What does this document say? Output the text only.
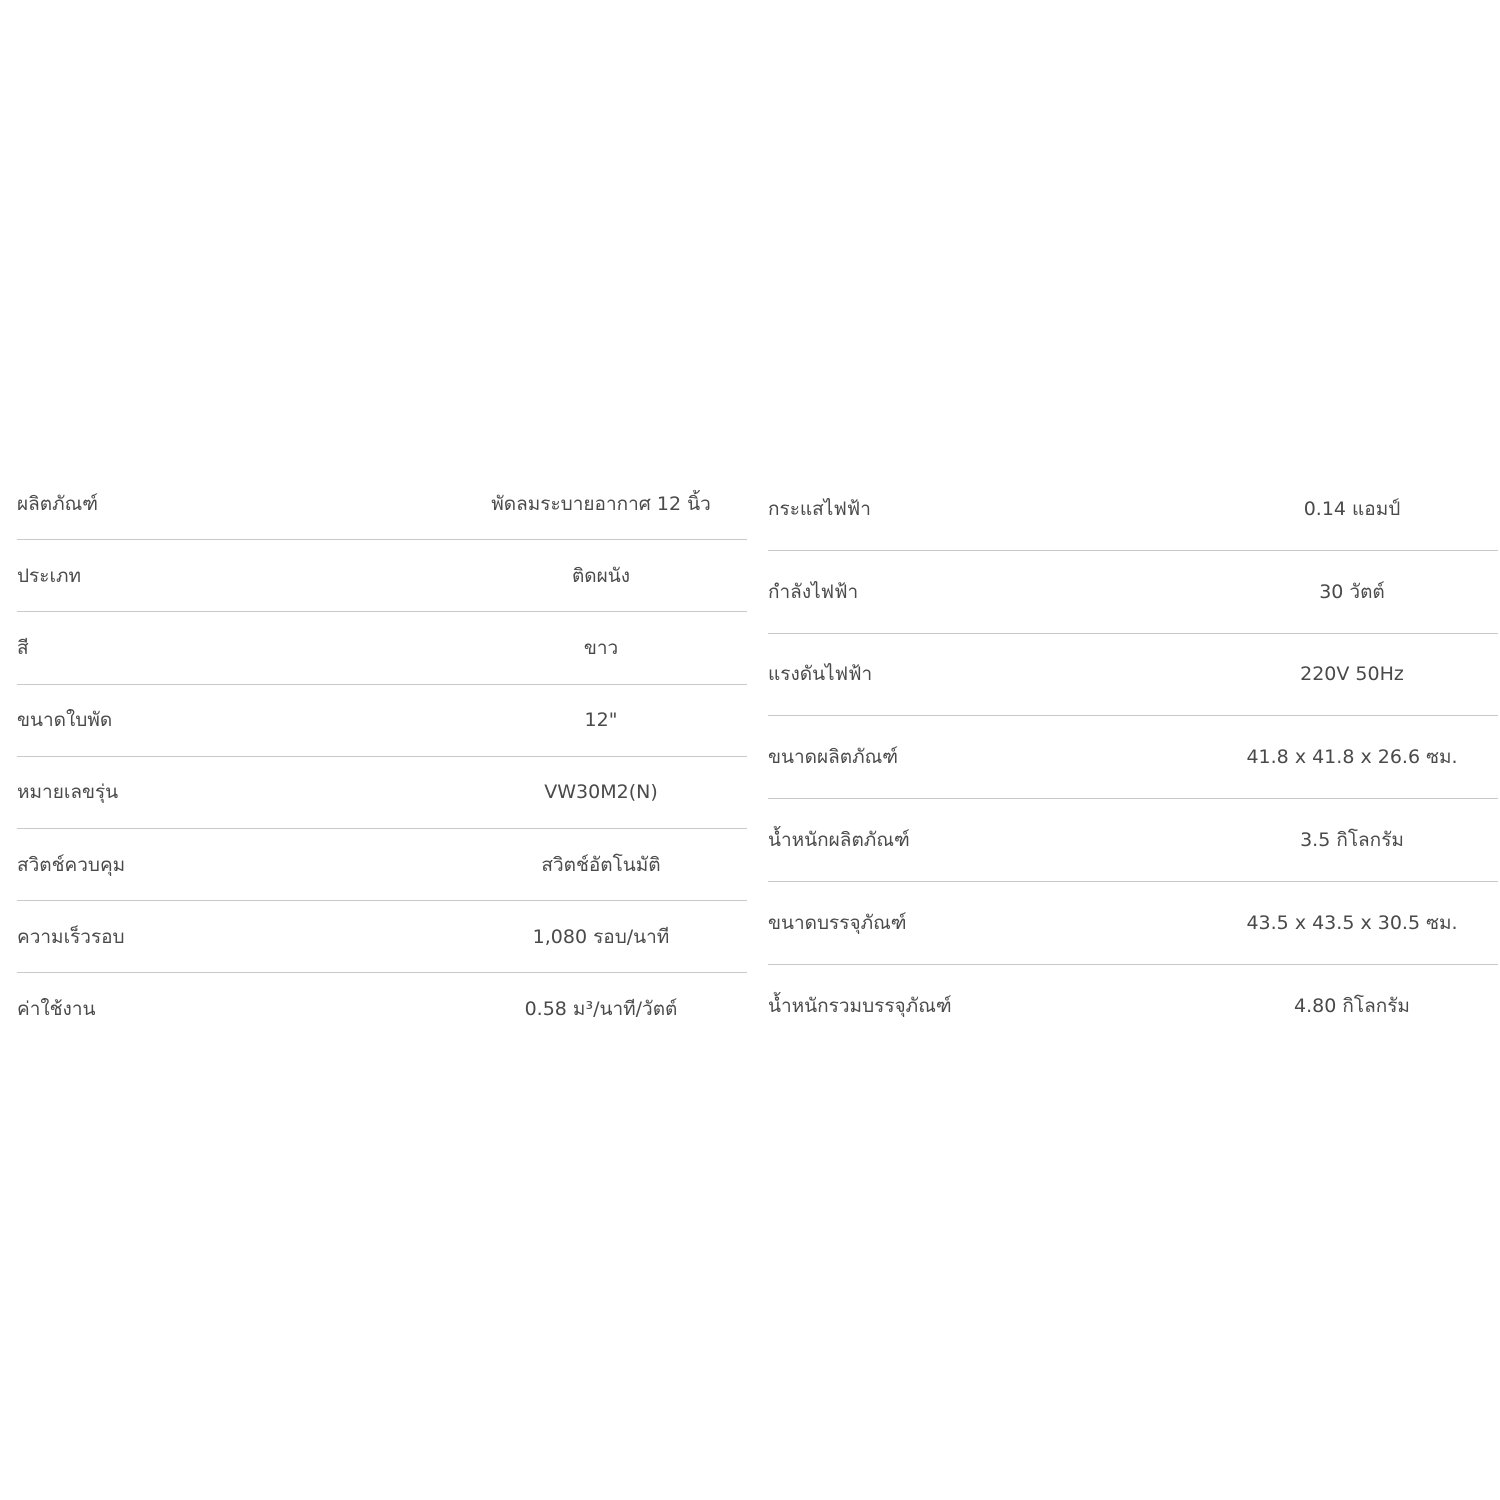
ผลิตภัณฑ์	พัดลมระบายอากาศ 12 นิ้ว
ประเภท	ติดผนัง
สี	ขาว
ขนาดใบพัด	12"
หมายเลขรุ่น	VW30M2(N)
สวิตช์ควบคุม	สวิตช์อัตโนมัติ
ความเร็วรอบ	1,080 รอบ/นาที
ค่าใช้งาน	0.58 ม³/นาที/วัตต์
กระแสไฟฟ้า	0.14 แอมป์
กำลังไฟฟ้า	30 วัตต์
แรงดันไฟฟ้า	220V 50Hz
ขนาดผลิตภัณฑ์	41.8 x 41.8 x 26.6 ซม.
น้ำหนักผลิตภัณฑ์	3.5 กิโลกรัม
ขนาดบรรจุภัณฑ์	43.5 x 43.5 x 30.5 ซม.
น้ำหนักรวมบรรจุภัณฑ์	4.80 กิโลกรัม
